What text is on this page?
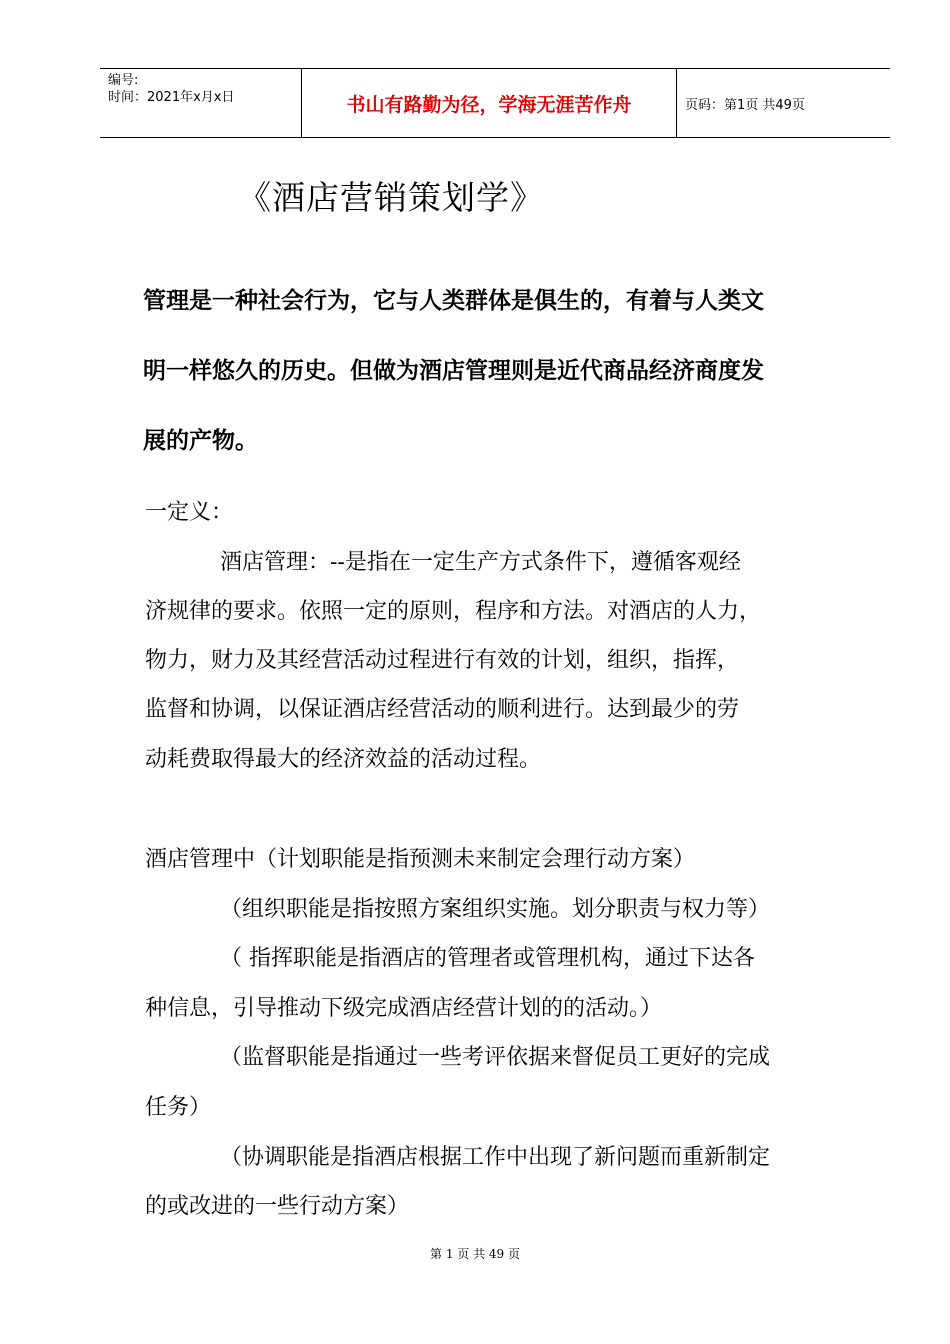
编号:
时间：2021年x月x日	书山有路勤为径，学海无涯苦作舟	页码：第1页 共49页
《酒店营销策划学》
管理是一种社会行为，它与人类群体是俱生的，有着与人类文
明一样悠久的历史。但做为酒店管理则是近代商品经济商度发
展的产物。
一定义：
酒店管理：--是指在一定生产方式条件下，遵循客观经
济规律的要求。依照一定的原则，程序和方法。对酒店的人力，
物力，财力及其经营活动过程进行有效的计划，组织，指挥，
监督和协调，以保证酒店经营活动的顺利进行。达到最少的劳
动耗费取得最大的经济效益的活动过程。
酒店管理中（计划职能是指预测未来制定会理行动方案）
（组织职能是指按照方案组织实施。划分职责与权力等）
（ 指挥职能是指酒店的管理者或管理机构，通过下达各
种信息，引导推动下级完成酒店经营计划的的活动。）
（监督职能是指通过一些考评依据来督促员工更好的完成
任务）
（协调职能是指酒店根据工作中出现了新问题而重新制定
的或改进的一些行动方案）
第 1 页 共 49 页
